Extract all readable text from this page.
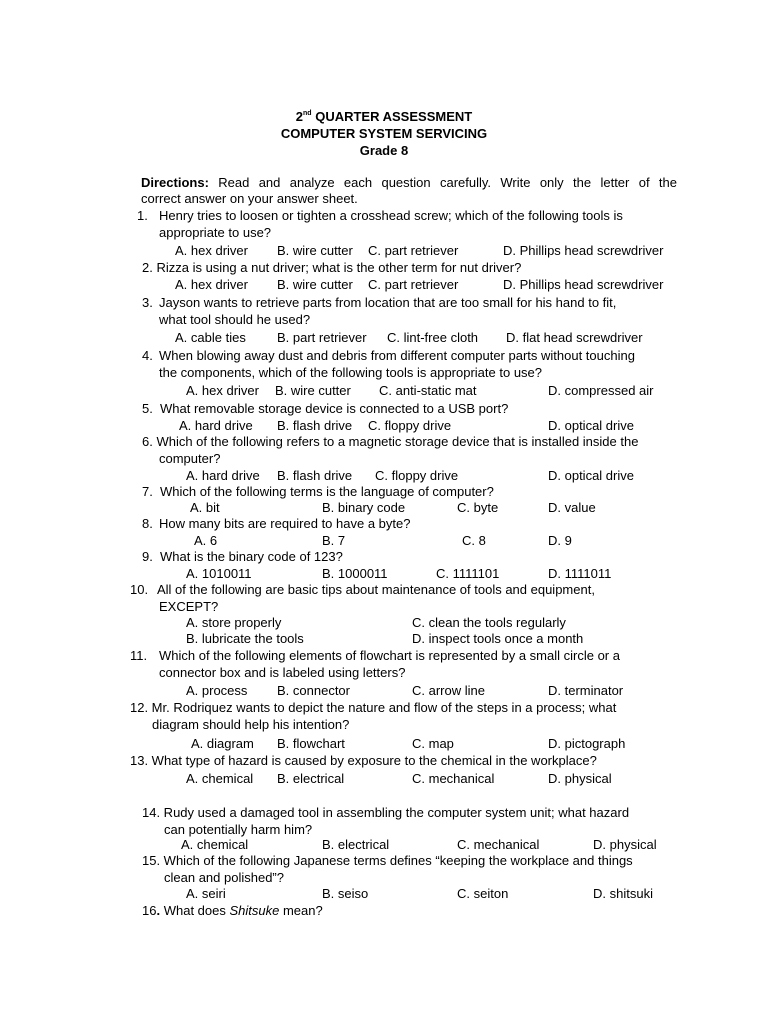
2nd QUARTER ASSESSMENT
COMPUTER SYSTEM SERVICING
Grade 8
Directions: Read and analyze each question carefully. Write only the letter of the
correct answer on your answer sheet.
1. Henry tries to loosen or tighten a crosshead screw; which of the following tools is
appropriate to use?
A. hex driver B. wire cutter C. part retriever	D. Phillips head screwdriver
2. Rizza is using a nut driver; what is the other term for nut driver?
A. hex driver B. wire cutter C. part retriever	D. Phillips head screwdriver
3. Jayson wants to retrieve parts from location that are too small for his hand to fit,
what tool should he used?
A. cable ties B. part retriever C. lint-free cloth D. flat head screwdriver
4. When blowing away dust and debris from different computer parts without touching
the components, which of the following tools is appropriate to use?
A. hex driver B. wire cutter C. anti-static mat	D. compressed air
5. What removable storage device is connected to a USB port?
A. hard drive B. flash drive C. floppy drive	D. optical drive
6. Which of the following refers to a magnetic storage device that is installed inside the
computer?
A. hard drive B. flash drive C. floppy drive	D. optical drive
7. Which of the following terms is the language of computer?
A. bit	B. binary code	C. byte	D. value
8. How many bits are required to have a byte?
A. 6	B. 7	C. 8	D. 9
9. What is the binary code of 123?
A. 1010011	B. 1000011	C. 1111101	D. 1111011
10. All of the following are basic tips about maintenance of tools and equipment,
EXCEPT?
A. store properly	C. clean the tools regularly
B. lubricate the tools	D. inspect tools once a month
11. Which of the following elements of flowchart is represented by a small circle or a
connector box and is labeled using letters?
A. process B. connector	C. arrow line	D. terminator
12. Mr. Rodriquez wants to depict the nature and flow of the steps in a process; what
diagram should help his intention?
A. diagram B. flowchart	C. map	D. pictograph
13. What type of hazard is caused by exposure to the chemical in the workplace?
A. chemical B. electrical	C. mechanical	D. physical
14. Rudy used a damaged tool in assembling the computer system unit; what hazard
can potentially harm him?
A. chemical	B. electrical	C. mechanical	D. physical
15. Which of the following Japanese terms defines “keeping the workplace and things
clean and polished”?
A. seiri	B. seiso	C. seiton	D. shitsuki
16. What does Shitsuke mean?
